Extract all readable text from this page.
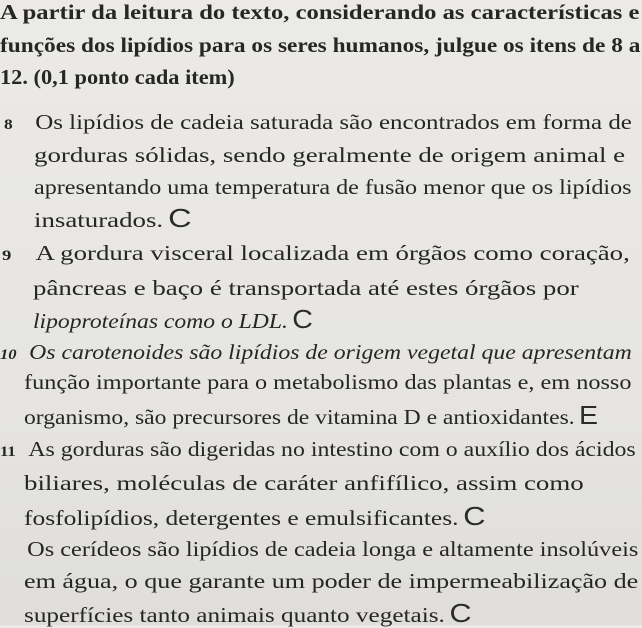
A partir da leitura do texto, considerando as características e
funções dos lipídios para os seres humanos, julgue os itens de 8 a
12. (0,1 ponto cada item)
8 Os lipídios de cadeia saturada são encontrados em forma de
gorduras sólidas, sendo geralmente de origem animal e
apresentando uma temperatura de fusão menor que os lipídios
insaturados. C
9 A gordura visceral localizada em órgãos como coração,
pâncreas e baço é transportada até estes órgãos por
lipoproteínas como o LDL. C
10 Os carotenoides são lipídios de origem vegetal que apresentam
função importante para o metabolismo das plantas e, em nosso
organismo, são precursores de vitamina D e antioxidantes. E
11 As gorduras são digeridas no intestino com o auxílio dos ácidos
biliares, moléculas de caráter anfifílico, assim como
fosfolipídios, detergentes e emulsificantes. C
Os cerídeos são lipídios de cadeia longa e altamente insolúveis
em água, o que garante um poder de impermeabilização de
superfícies tanto animais quanto vegetais. C
